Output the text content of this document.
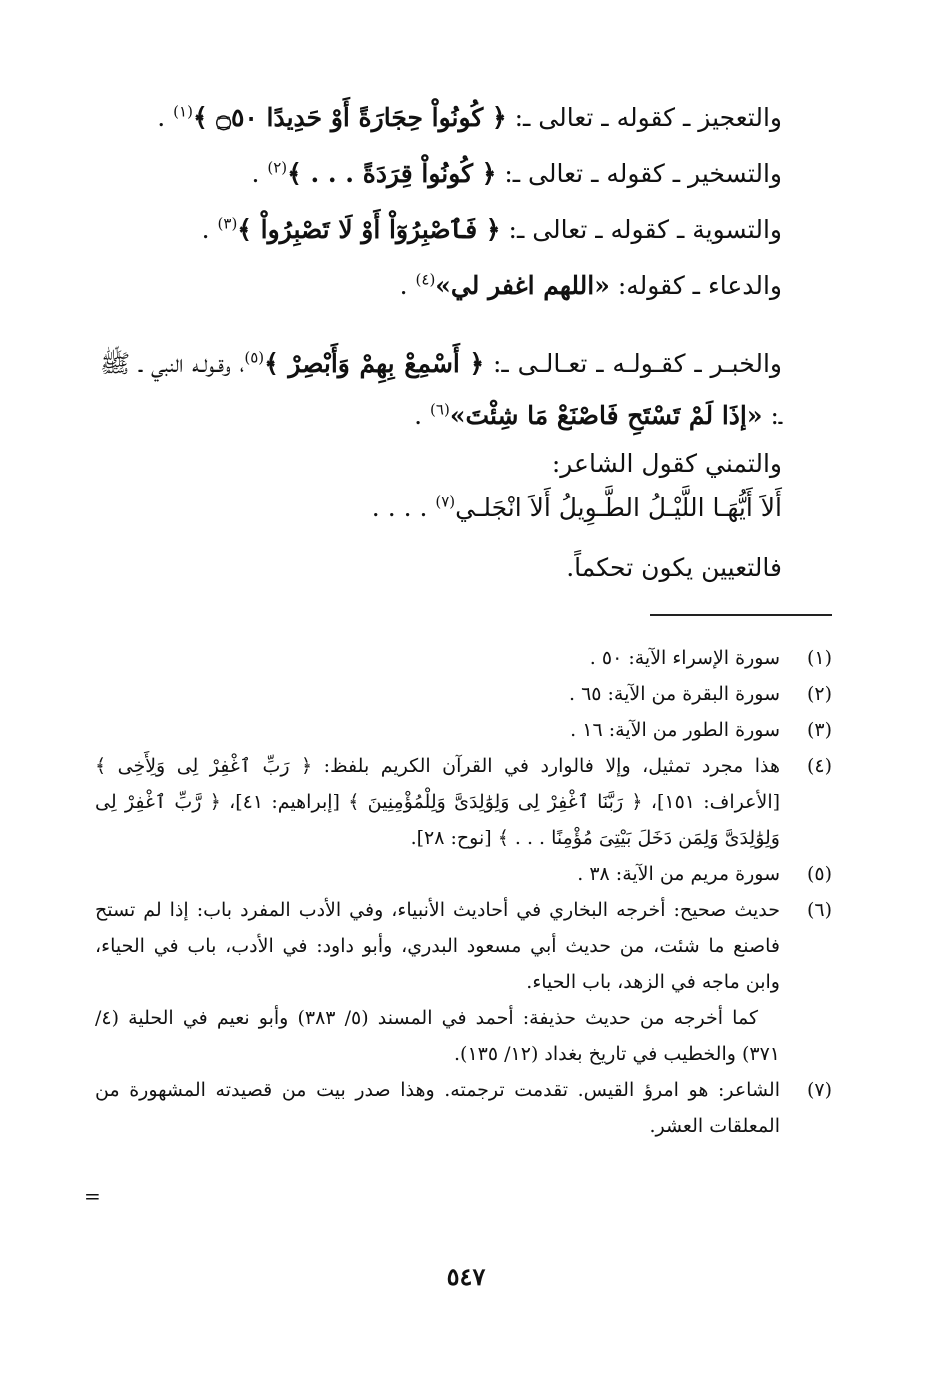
والتعجيز ـ كقوله ـ تعالى ـ: ﴿ كُونُواْ حِجَارَةً أَوْ حَدِيدًا ۝٥٠ ﴾$^{(١)}$ .
والتسخير ـ كقوله ـ تعالى ـ: ﴿ كُونُواْ قِرَدَةً . . . ﴾$^{(٢)}$ .
والتسوية ـ كقوله ـ تعالى ـ: ﴿ فَٱصْبِرُوٓاْ أَوْ لَا تَصْبِرُواْ ﴾$^{(٣)}$ .
والدعاء ـ كقوله: «اللهم اغفر لي»$^{(٤)}$ .
والخبـر ـ كقـولـه ـ تعـالـى ـ: ﴿ أَسْمِعْ بِهِمْ وَأَبْصِرْ ﴾$^{(٥)}$، وقـولـه النبي ـ ﷺ ـ: «إذَا لَمْ تَسْتَحِ فَاصْنَعْ مَا شِئْتَ»$^{(٦)}$ .
والتمني كقول الشاعر:
أَلاَ أَيُّهَـا اللَّيْـلُ الطَّـوِيلُ أَلاَ انْجَلـي$^{(٧)}$ . . . .
فالتعيين يكون تحكماً.
(١)
سورة الإسراء الآية: ٥٠ .
(٢)
سورة البقرة من الآية: ٦٥ .
(٣)
سورة الطور من الآية: ١٦ .
(٤)
هذا مجرد تمثيل، وإلا فالوارد في القرآن الكريم بلفظ: ﴿ رَبِّ ٱغْفِرْ لِى وَلِأَخِى ﴾ [الأعراف: ١٥١]، ﴿ رَبَّنَا ٱغْفِرْ لِى وَلِوَٰلِدَىَّ وَلِلْمُؤْمِنِينَ ﴾ [إبراهيم: ٤١]، ﴿ رَّبِّ ٱغْفِرْ لِى وَلِوَٰلِدَىَّ وَلِمَن دَخَلَ بَيْتِىَ مُؤْمِنًا . . . ﴾ [نوح: ٢٨].
(٥)
سورة مريم من الآية: ٣٨ .
(٦)
حديث صحيح: أخرجه البخاري في أحاديث الأنبياء، وفي الأدب المفرد باب: إذا لم تستح فاصنع ما شئت، من حديث أبي مسعود البدري، وأبو داود: في الأدب، باب في الحياء، وابن ماجه في الزهد، باب الحياء.
كما أخرجه من حديث حذيفة: أحمد في المسند (٥/ ٣٨٣) وأبو نعيم في الحلية (٤/ ٣٧١) والخطيب في تاريخ بغداد (١٢/ ١٣٥).
(٧)
الشاعر: هو امرؤ القيس. تقدمت ترجمته. وهذا صدر بيت من قصيدته المشهورة من المعلقات العشر.
=
٥٤٧
